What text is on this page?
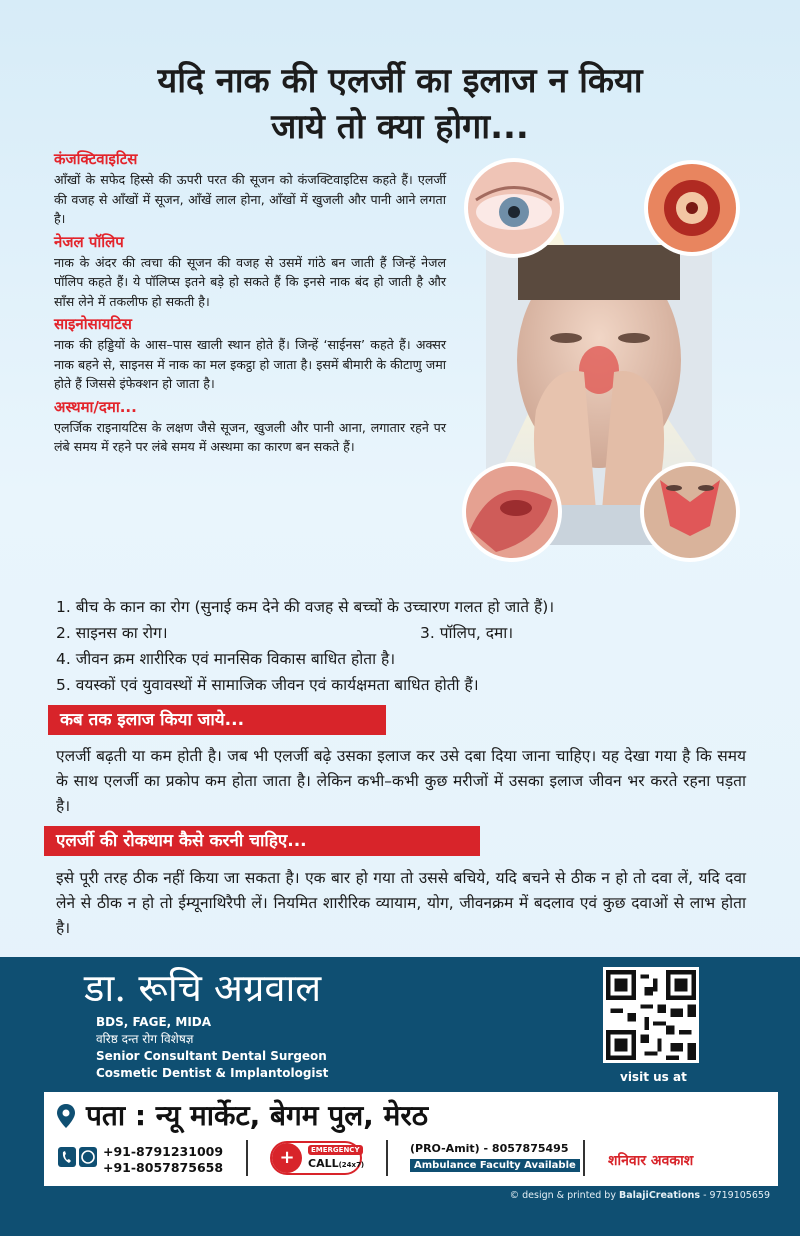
यदि नाक की एलर्जी का इलाज न किया
जाये तो क्या होगा...
कंजक्टिवाइटिस
आँखों के सफेद हिस्से की ऊपरी परत की सूजन को कंजक्टिवाइटिस कहते हैं। एलर्जी की वजह से आँखों में सूजन, आँखें लाल होना, आँखों में खुजली और पानी आने लगता है।
नेजल पॉलिप
नाक के अंदर की त्वचा की सूजन की वजह से उसमें गांठे बन जाती हैं जिन्हें नेजल पॉलिप कहते हैं। ये पॉलिप्स इतने बड़े हो सकते हैं कि इनसे नाक बंद हो जाती है और साँस लेने में तकलीफ हो सकती है।
साइनोसायटिस
नाक की हड्डियों के आस–पास खाली स्थान होते हैं। जिन्हें ‘साईनस’ कहते हैं। अक्सर नाक बहने से, साइनस में नाक का मल इकट्ठा हो जाता है। इसमें बीमारी के कीटाणु जमा होते हैं जिससे इंफेक्शन हो जाता है।
अस्थमा/दमा...
एलर्जिक राइनायटिस के लक्षण जैसे सूजन, खुजली और पानी आना, लगातार रहने पर लंबे समय में रहने पर लंबे समय में अस्थमा का कारण बन सकते हैं।
1. बीच के कान का रोग (सुनाई कम देने की वजह से बच्चों के उच्चारण गलत हो जाते हैं)।
2. साइनस का रोग।	3. पॉलिप, दमा।
4. जीवन क्रम शारीरिक एवं मानसिक विकास बाधित होता है।
5. वयस्कों एवं युवावस्थों में सामाजिक जीवन एवं कार्यक्षमता बाधित होती हैं।
कब तक इलाज किया जाये...
एलर्जी बढ़ती या कम होती है। जब भी एलर्जी बढ़े उसका इलाज कर उसे दबा दिया जाना चाहिए। यह देखा गया है कि समय के साथ एलर्जी का प्रकोप कम होता जाता है। लेकिन कभी–कभी कुछ मरीजों में उसका इलाज जीवन भर करते रहना पड़ता है।
एलर्जी की रोकथाम कैसे करनी चाहिए...
इसे पूरी तरह ठीक नहीं किया जा सकता है। एक बार हो गया तो उससे बचिये, यदि बचने से ठीक न हो तो दवा लें, यदि दवा लेने से ठीक न हो तो ईम्यूनाथिरैपी लें। नियमित शारीरिक व्यायाम, योग, जीवनक्रम में बदलाव एवं कुछ दवाओं से लाभ होता है।
डा. रूचि अग्रवाल
BDS, FAGE, MIDA
वरिष्ठ दन्त रोग विशेषज्ञ
Senior Consultant Dental Surgeon
Cosmetic Dentist & Implantologist	visit us at
पता : न्यू मार्केट, बेगम पुल, मेरठ
+91-8791231009
+91-8057875658	+	EMERGENCY
CALL(24x7)
(PRO-Amit) - 8057875495
Ambulance Faculty Available शनिवार अवकाश
© design & printed by BalajiCreations - 9719105659
